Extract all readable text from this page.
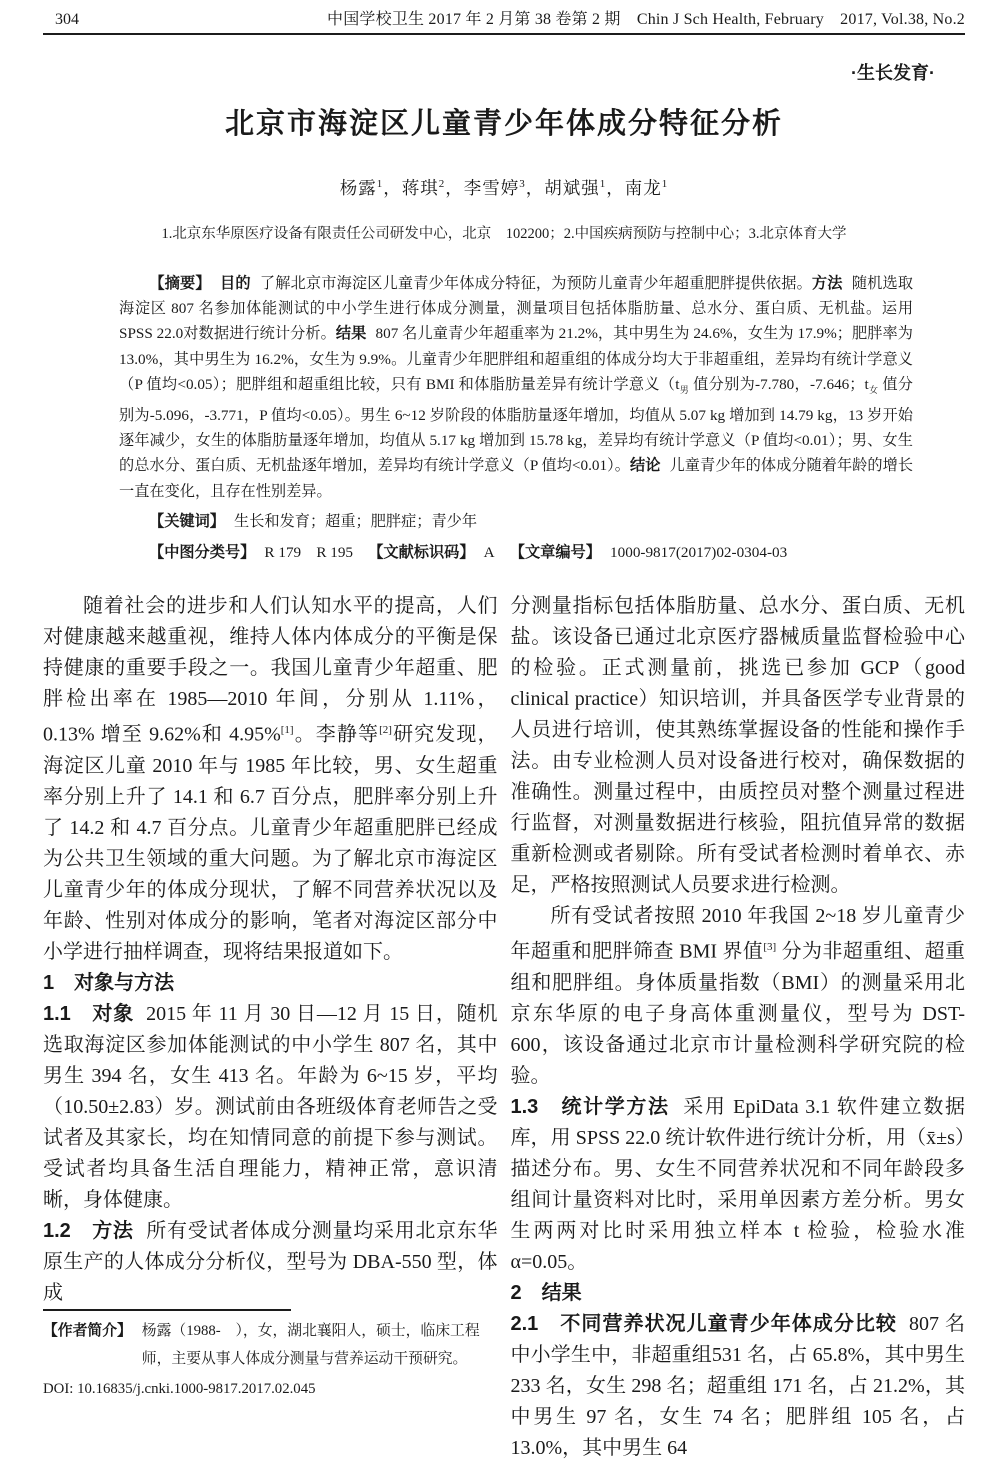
304	中国学校卫生 2017 年 2 月第 38 卷第 2 期　Chin J Sch Health, February　2017, Vol.38, No.2
·生长发育·
北京市海淀区儿童青少年体成分特征分析
杨露$^1$，蒋琪$^2$，李雪婷$^3$，胡斌强$^1$，南龙$^1$
1.北京东华原医疗设备有限责任公司研发中心，北京　102200；2.中国疾病预防与控制中心；3.北京体育大学

【摘要】 目的 了解北京市海淀区儿童青少年体成分特征，为预防儿童青少年超重肥胖提供依据。方法 随机选取海淀区 807 名参加体能测试的中小学生进行体成分测量，测量项目包括体脂肪量、总水分、蛋白质、无机盐。运用 SPSS 22.0对数据进行统计分析。结果 807 名儿童青少年超重率为 21.2%，其中男生为 24.6%，女生为 17.9%；肥胖率为 13.0%，其中男生为 16.2%，女生为 9.9%。儿童青少年肥胖组和超重组的体成分均大于非超重组，差异均有统计学意义（P 值均<0.05）；肥胖组和超重组比较，只有 BMI 和体脂肪量差异有统计学意义（$t_男$ 值分别为-7.780，-7.646；$t_女$ 值分别为-5.096，-3.771，P 值均<0.05）。男生 6~12 岁阶段的体脂肪量逐年增加，均值从 5.07 kg 增加到 14.79 kg，13 岁开始逐年减少，女生的体脂肪量逐年增加，均值从 5.17 kg 增加到 15.78 kg，差异均有统计学意义（P 值均<0.01）；男、女生的总水分、蛋白质、无机盐逐年增加，差异均有统计学意义（P 值均<0.01）。结论 儿童青少年的体成分随着年龄的增长一直在变化，且存在性别差异。

【关键词】 生长和发育；超重；肥胖症；青少年
【中图分类号】 R 179　R 195 【文献标识码】 A 【文章编号】 1000-9817(2017)02-0304-03

随着社会的进步和人们认知水平的提高，人们对健康越来越重视，维持人体内体成分的平衡是保持健康的重要手段之一。我国儿童青少年超重、肥胖检出率在 1985—2010 年间，分别从 1.11%，0.13% 增至 9.62%和 4.95%[1]。李静等[2]研究发现，海淀区儿童 2010 年与 1985 年比较，男、女生超重率分别上升了 14.1 和 6.7 百分点，肥胖率分别上升了 14.2 和 4.7 百分点。儿童青少年超重肥胖已经成为公共卫生领域的重大问题。为了解北京市海淀区儿童青少年的体成分现状，了解不同营养状况以及年龄、性别对体成分的影响，笔者对海淀区部分中小学进行抽样调查，现将结果报道如下。

1　对象与方法

1.1　对象 2015 年 11 月 30 日—12 月 15 日，随机选取海淀区参加体能测试的中小学生 807 名，其中男生 394 名，女生 413 名。年龄为 6~15 岁，平均（10.50±2.83）岁。测试前由各班级体育老师告之受试者及其家长，均在知情同意的前提下参与测试。受试者均具备生活自理能力，精神正常，意识清晰，身体健康。

1.2　方法 所有受试者体成分测量均采用北京东华原生产的人体成分分析仪，型号为 DBA-550 型，体成

【作者简介】 杨露（1988-　），女，湖北襄阳人，硕士，临床工程师，主要从事人体成分测量与营养运动干预研究。
DOI: 10.16835/j.cnki.1000-9817.2017.02.045

分测量指标包括体脂肪量、总水分、蛋白质、无机盐。该设备已通过北京医疗器械质量监督检验中心的检验。正式测量前，挑选已参加 GCP（good clinical practice）知识培训，并具备医学专业背景的人员进行培训，使其熟练掌握设备的性能和操作手法。由专业检测人员对设备进行校对，确保数据的准确性。测量过程中，由质控员对整个测量过程进行监督，对测量数据进行核验，阻抗值异常的数据重新检测或者剔除。所有受试者检测时着单衣、赤足，严格按照测试人员要求进行检测。

所有受试者按照 2010 年我国 2~18 岁儿童青少年超重和肥胖筛查 BMI 界值[3] 分为非超重组、超重组和肥胖组。身体质量指数（BMI）的测量采用北京东华原的电子身高体重测量仪，型号为 DST-600，该设备通过北京市计量检测科学研究院的检验。

1.3　统计学方法 采用 EpiData 3.1 软件建立数据库，用 SPSS 22.0 统计软件进行统计分析，用（x̄±s）描述分布。男、女生不同营养状况和不同年龄段多组间计量资料对比时，采用单因素方差分析。男女生两两对比时采用独立样本 t 检验，检验水准 α=0.05。

2　结果

2.1　不同营养状况儿童青少年体成分比较 807 名中小学生中，非超重组531 名，占 65.8%，其中男生 233 名，女生 298 名；超重组 171 名，占 21.2%，其中男生 97 名，女生 74 名；肥胖组 105 名，占 13.0%，其中男生 64
